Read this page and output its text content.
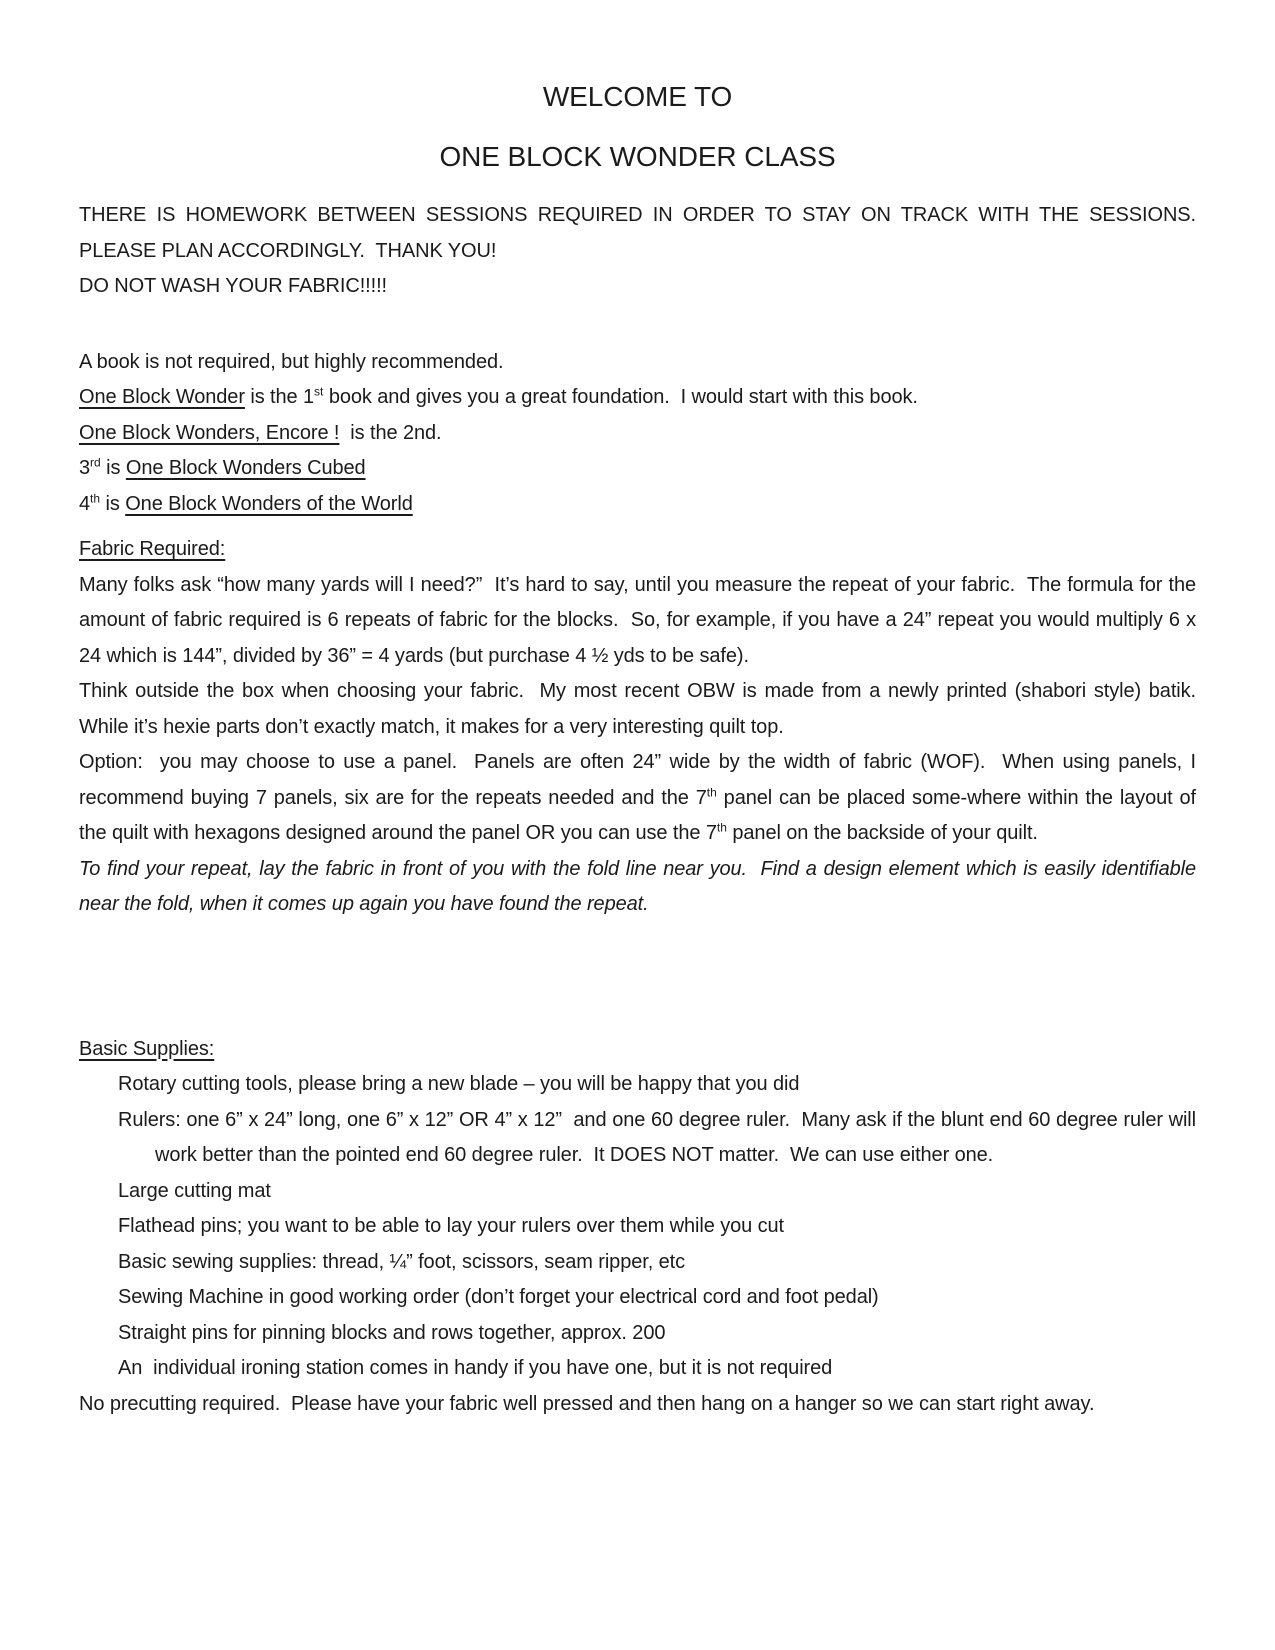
WELCOME TO
ONE BLOCK WONDER CLASS

THERE IS HOMEWORK BETWEEN SESSIONS REQUIRED IN ORDER TO STAY ON TRACK WITH THE SESSIONS.  PLEASE PLAN ACCORDINGLY.  THANK YOU!

DO NOT WASH YOUR FABRIC!!!!!

A book is not required, but highly recommended.

One Block Wonder is the 1st book and gives you a great foundation.  I would start with this book.

One Block Wonders, Encore !  is the 2nd.

3rd is One Block Wonders Cubed

4th is One Block Wonders of the World

Fabric Required:

Many folks ask “how many yards will I need?”  It’s hard to say, until you measure the repeat of your fabric.  The formula for the amount of fabric required is 6 repeats of fabric for the blocks.  So, for example, if you have a 24” repeat you would multiply 6 x 24 which is 144”, divided by 36” = 4 yards (but purchase 4 ½ yds to be safe).

Think outside the box when choosing your fabric.  My most recent OBW is made from a newly printed (shabori style) batik.  While it’s hexie parts don’t exactly match, it makes for a very interesting quilt top.

Option:  you may choose to use a panel.  Panels are often 24” wide by the width of fabric (WOF).  When using panels, I recommend buying 7 panels, six are for the repeats needed and the 7th panel can be placed some-where within the layout of the quilt with hexagons designed around the panel OR you can use the 7th panel on the backside of your quilt.

To find your repeat, lay the fabric in front of you with the fold line near you.  Find a design element which is easily identifiable near the fold, when it comes up again you have found the repeat.

Basic Supplies:

Rotary cutting tools, please bring a new blade – you will be happy that you did

Rulers: one 6” x 24” long, one 6” x 12” OR 4” x 12”  and one 60 degree ruler.  Many ask if the blunt end 60 degree ruler will work better than the pointed end 60 degree ruler.  It DOES NOT matter.  We can use either one.

Large cutting mat

Flathead pins; you want to be able to lay your rulers over them while you cut

Basic sewing supplies: thread, ¼” foot, scissors, seam ripper, etc

Sewing Machine in good working order (don’t forget your electrical cord and foot pedal)

Straight pins for pinning blocks and rows together, approx. 200

An  individual ironing station comes in handy if you have one, but it is not required

No precutting required.  Please have your fabric well pressed and then hang on a hanger so we can start right away.
